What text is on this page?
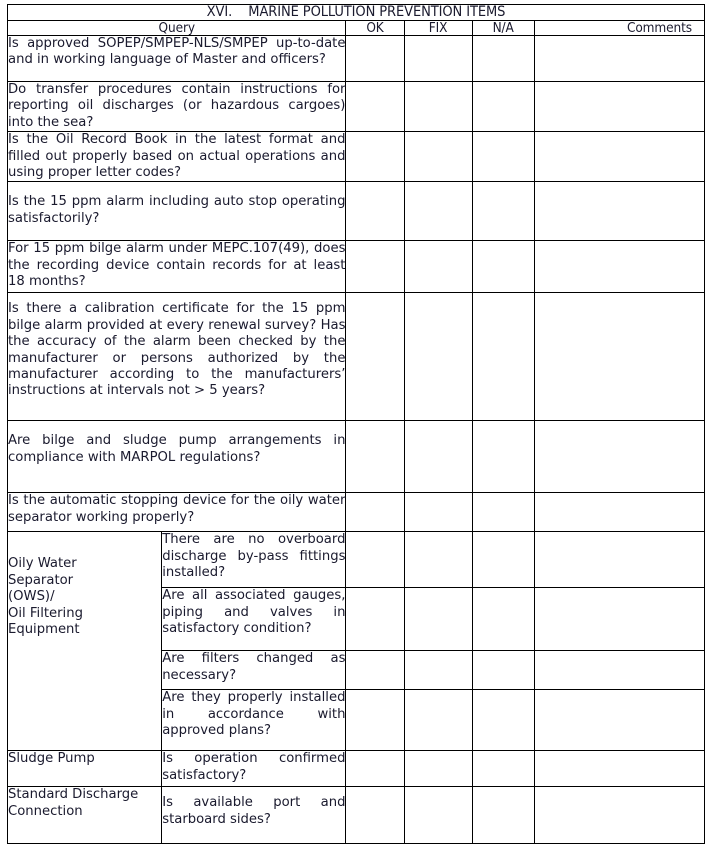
XVI.    MARINE POLLUTION PREVENTION ITEMS					
Query		OK	FIX	N/A	Comments
Is approved SOPEP/SMPEP-NLS/SMPEP up-to-date and in working language of Master and officers?					
Do transfer procedures contain instructions for reporting oil discharges (or hazardous cargoes) into the sea?					
Is the Oil Record Book in the latest format and filled out properly based on actual operations and using proper letter codes?					
Is the 15 ppm alarm including auto stop operating satisfactorily?					
For 15 ppm bilge alarm under MEPC.107(49), does the recording device contain records for at least 18 months?					
Is there a calibration certificate for the 15 ppm bilge alarm provided at every renewal survey? Has the accuracy of the alarm been checked by the manufacturer or persons authorized by the manufacturer according to the manufacturers’ instructions at intervals not > 5 years?					
Are bilge and sludge pump arrangements in compliance with MARPOL regulations?					
Is the automatic stopping device for the oily water separator working properly?					

Oily Water
Separator
(OWS)/
Oil Filtering
Equipment	There are no overboard discharge by-pass fittings installed?				
	Are all associated gauges, piping and valves in satisfactory condition?				
	Are filters changed as necessary?				
	Are they properly installed in accordance with approved plans?				

Sludge Pump	Is operation confirmed satisfactory?				

Standard Discharge
Connection	Is available port and starboard sides?				
